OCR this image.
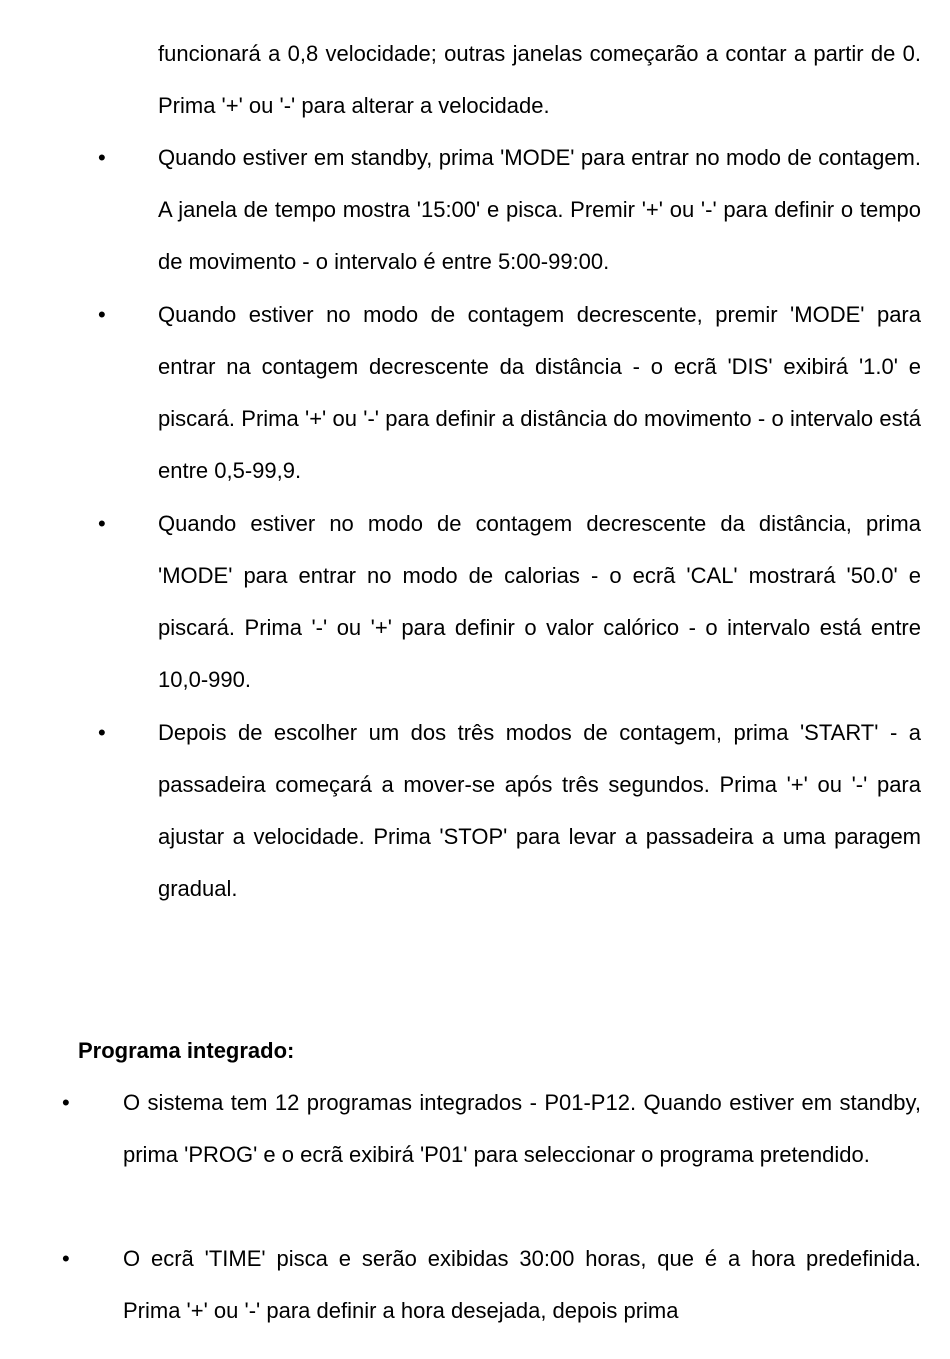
funcionará a 0,8 velocidade; outras janelas começarão a contar a partir de 0. Prima '+' ou '-' para alterar a velocidade.

• Quando estiver em standby, prima 'MODE' para entrar no modo de contagem. A janela de tempo mostra '15:00' e pisca. Premir '+' ou '-' para definir o tempo de movimento - o intervalo é entre 5:00-99:00.

• Quando estiver no modo de contagem decrescente, premir 'MODE' para entrar na contagem decrescente da distância - o ecrã 'DIS' exibirá '1.0' e piscará. Prima '+' ou '-' para definir a distância do movimento - o intervalo está entre 0,5-99,9.

• Quando estiver no modo de contagem decrescente da distância, prima 'MODE' para entrar no modo de calorias - o ecrã 'CAL' mostrará '50.0' e piscará. Prima '-' ou '+' para definir o valor calórico - o intervalo está entre 10,0-990.

• Depois de escolher um dos três modos de contagem, prima 'START' - a passadeira começará a mover-se após três segundos. Prima '+' ou '-' para ajustar a velocidade. Prima 'STOP' para levar a passadeira a uma paragem gradual.

Programa integrado:
• O sistema tem 12 programas integrados - P01-P12. Quando estiver em standby, prima 'PROG' e o ecrã exibirá 'P01' para seleccionar o programa pretendido.

• O ecrã 'TIME' pisca e serão exibidas 30:00 horas, que é a hora predefinida. Prima '+' ou '-' para definir a hora desejada, depois prima
